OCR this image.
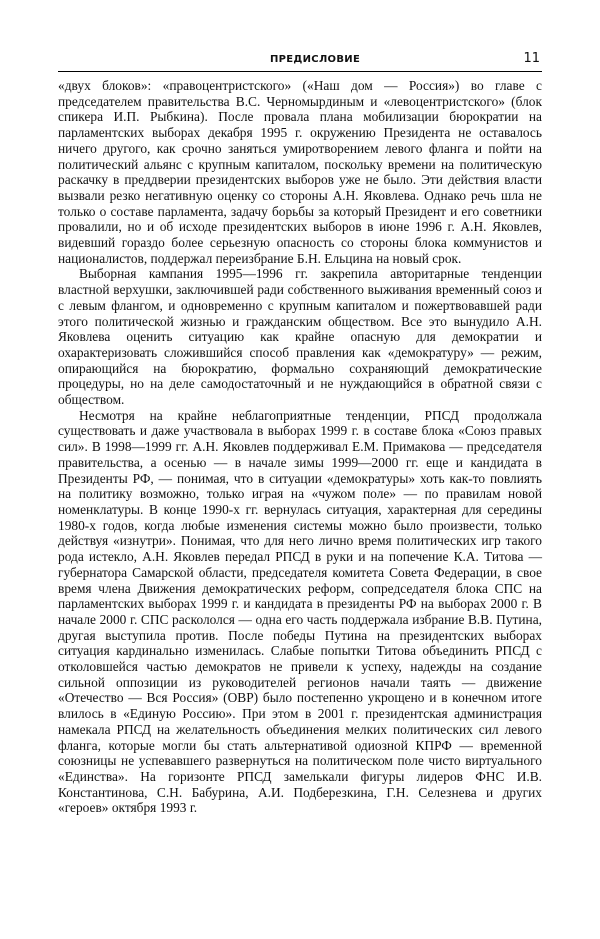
ПРЕДИСЛОВИЕ	11

«двух блоков»: «правоцентристского» («Наш дом — Россия») во главе с председателем правительства B.C. Черномырдиным и «левоцентристского» (блок спикера И.П. Рыбкина). После провала плана мобилизации бюрократии на парламентских выборах декабря 1995 г. окружению Президента не оставалось ничего другого, как срочно заняться умиротворением левого фланга и пойти на политический альянс с крупным капиталом, поскольку времени на политическую раскачку в преддверии президентских выборов уже не было. Эти действия власти вызвали резко негативную оценку со стороны А.Н. Яковлева. Однако речь шла не только о составе парламента, задачу борьбы за который Президент и его советники провалили, но и об исходе президентских выборов в июне 1996 г. А.Н. Яковлев, видевший гораздо более серьезную опасность со стороны блока коммунистов и националистов, поддержал переизбрание Б.Н. Ельцина на новый срок.

Выборная кампания 1995—1996 гг. закрепила авторитарные тенденции властной верхушки, заключившей ради собственного выживания временный союз и с левым флангом, и одновременно с крупным капиталом и пожертвовавшей ради этого политической жизнью и гражданским обществом. Все это вынудило А.Н. Яковлева оценить ситуацию как крайне опасную для демократии и охарактеризовать сложившийся способ правления как «демократуру» — режим, опирающийся на бюрократию, формально сохраняющий демократические процедуры, но на деле самодостаточный и не нуждающийся в обратной связи с обществом.

Несмотря на крайне неблагоприятные тенденции, РПСД продолжала существовать и даже участвовала в выборах 1999 г. в составе блока «Союз правых сил». В 1998—1999 гг. А.Н. Яковлев поддерживал Е.М. Примакова — председателя правительства, а осенью — в начале зимы 1999—2000 гг. еще и кандидата в Президенты РФ, — понимая, что в ситуации «демократуры» хоть как-то повлиять на политику возможно, только играя на «чужом поле» — по правилам новой номенклатуры. В конце 1990-х гг. вернулась ситуация, характерная для середины 1980-х годов, когда любые изменения системы можно было произвести, только действуя «изнутри». Понимая, что для него лично время политических игр такого рода истекло, А.Н. Яковлев передал РПСД в руки и на попечение К.А. Титова — губернатора Самарской области, председателя комитета Совета Федерации, в свое время члена Движения демократических реформ, сопредседателя блока СПС на парламентских выборах 1999 г. и кандидата в президенты РФ на выборах 2000 г. В начале 2000 г. СПС раскололся — одна его часть поддержала избрание В.В. Путина, другая выступила против. После победы Путина на президентских выборах ситуация кардинально изменилась. Слабые попытки Титова объединить РПСД с отколовшейся частью демократов не привели к успеху, надежды на создание сильной оппозиции из руководителей регионов начали таять — движение «Отечество — Вся Россия» (ОВР) было постепенно укрощено и в конечном итоге влилось в «Единую Россию». При этом в 2001 г. президентская администрация намекала РПСД на желательность объединения мелких политических сил левого фланга, которые могли бы стать альтернативой одиозной КПРФ — временной союзницы не успевавшего развернуться на политическом поле чисто виртуального «Единства». На горизонте РПСД замелькали фигуры лидеров ФНС И.В. Константинова, С.Н. Бабурина, А.И. Подберезкина, Г.Н. Селезнева и других «героев» октября 1993 г.
